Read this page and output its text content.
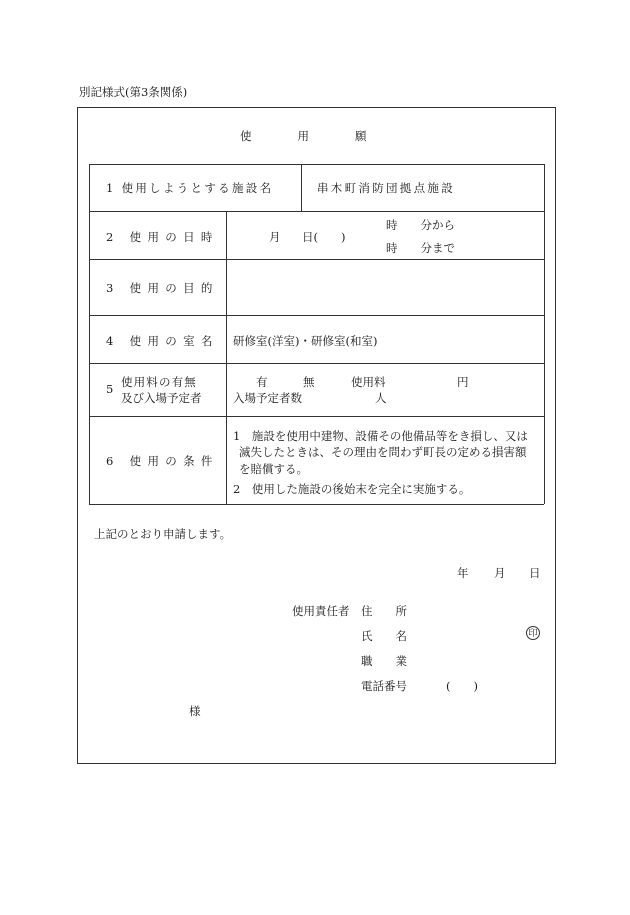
別記様式(第3条関係)
使　　　　用　　　　願
1 使用しようとする施設名	串木町消防団拠点施設
2 使用の日時	月 日(　　)
時　　分から
時　　分まで
3 使用の目的
4 使用の室名 研修室(洋室)・研修室(和室)
5 使用料の有無
及び入場予定者
有	無	使用料	円
入場予定者数	人
6 使用の条件
1　施設を使用中建物、設備その他備品等をき損し、又は
滅失したときは、その理由を問わず町長の定める損害額
を賠償する。
2　使用した施設の後始末を完全に実施する。
上記のとおり申請します。
年 月 日
使用責任者 住　　所
氏　　名	印
職　　業
電話番号	(　　)
様
